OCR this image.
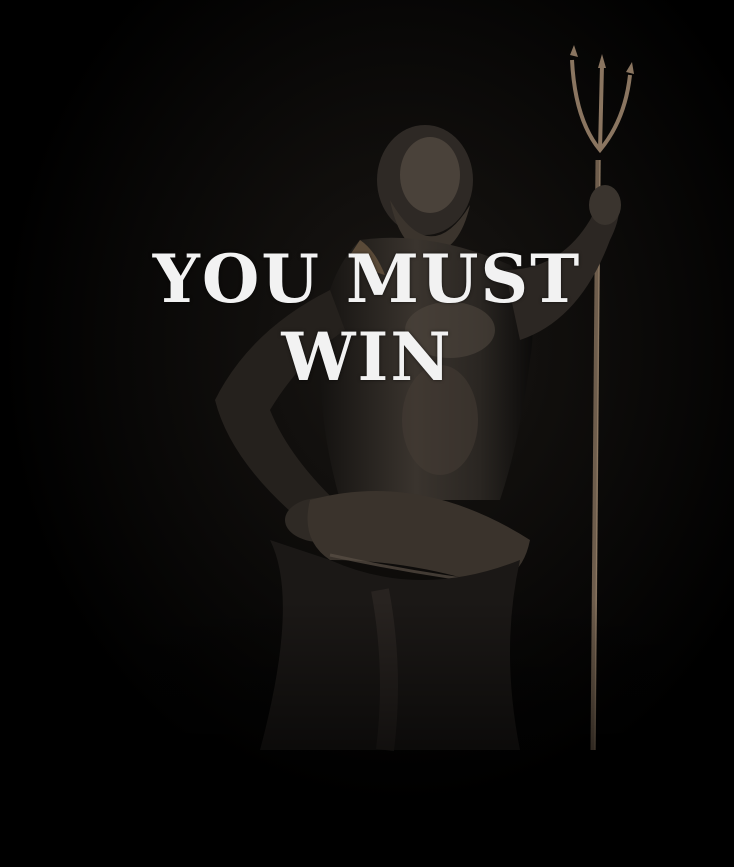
YOU MUST
WIN
